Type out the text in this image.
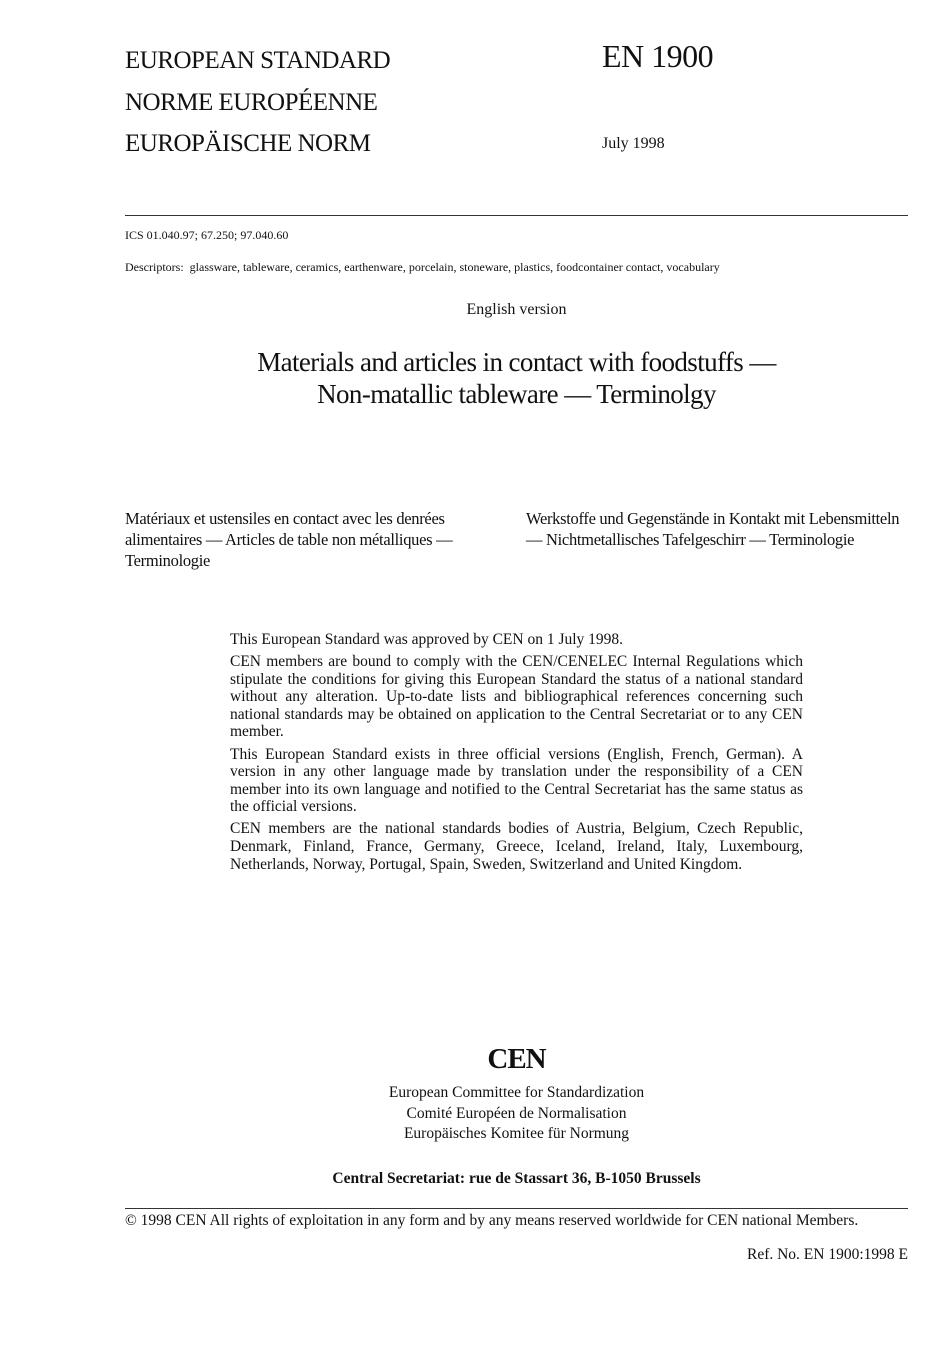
EUROPEAN STANDARD
NORME EUROPÉENNE
EUROPÄISCHE NORM
EN 1900
July 1998
ICS 01.040.97; 67.250; 97.040.60
Descriptors: glassware, tableware, ceramics, earthenware, porcelain, stoneware, plastics, foodcontainer contact, vocabulary
English version
Materials and articles in contact with foodstuffs —
Non-matallic tableware — Terminolgy
Matériaux et ustensiles en contact avec les denrées alimentaires — Articles de table non métalliques — Terminologie
Werkstoffe und Gegenstände in Kontakt mit Lebensmitteln — Nichtmetallisches Tafelgeschirr — Terminologie

This European Standard was approved by CEN on 1 July 1998.

CEN members are bound to comply with the CEN/CENELEC Internal Regulations which stipulate the conditions for giving this European Standard the status of a national standard without any alteration. Up-to-date lists and bibliographical references concerning such national standards may be obtained on application to the Central Secretariat or to any CEN member.

This European Standard exists in three official versions (English, French, German). A version in any other language made by translation under the responsibility of a CEN member into its own language and notified to the Central Secretariat has the same status as the official versions.

CEN members are the national standards bodies of Austria, Belgium, Czech Republic, Denmark, Finland, France, Germany, Greece, Iceland, Ireland, Italy, Luxembourg, Netherlands, Norway, Portugal, Spain, Sweden, Switzerland and United Kingdom.

CEN
European Committee for Standardization
Comité Européen de Normalisation
Europäisches Komitee für Normung
Central Secretariat: rue de Stassart 36, B-1050 Brussels
© 1998 CEN All rights of exploitation in any form and by any means reserved worldwide for CEN national Members.
Ref. No. EN 1900:1998 E
